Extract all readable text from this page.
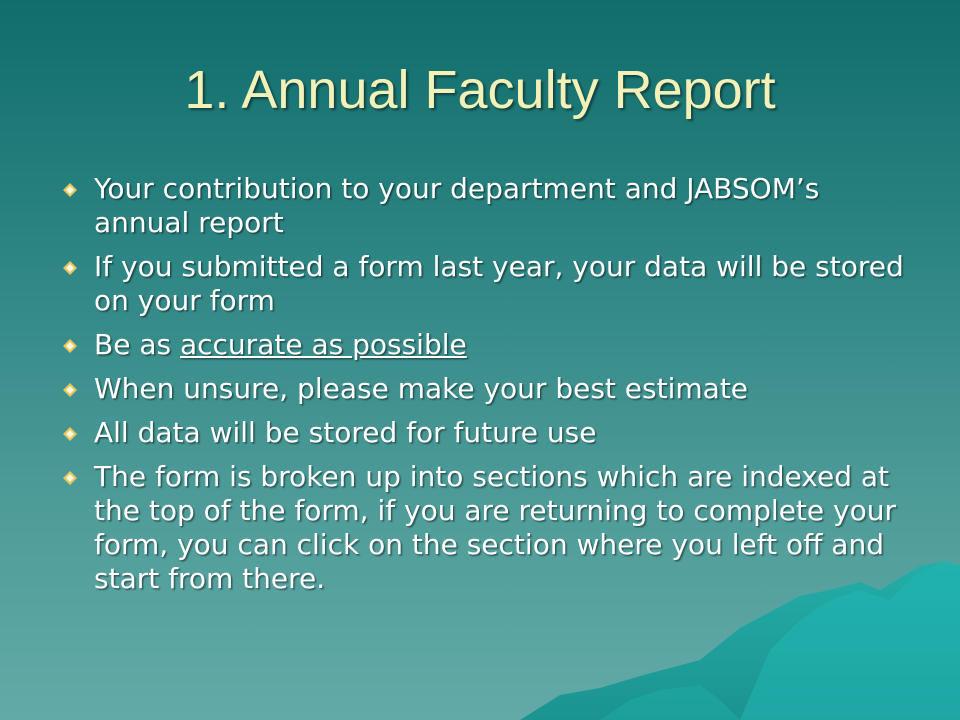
1. Annual Faculty Report
Your contribution to your department and JABSOM’s annual report
If you submitted a form last year, your data will be stored on your form
Be as accurate as possible
When unsure, please make your best estimate
All data will be stored for future use
The form is broken up into sections which are indexed at the top of the form, if you are returning to complete your form, you can click on the section where you left off and start from there.
